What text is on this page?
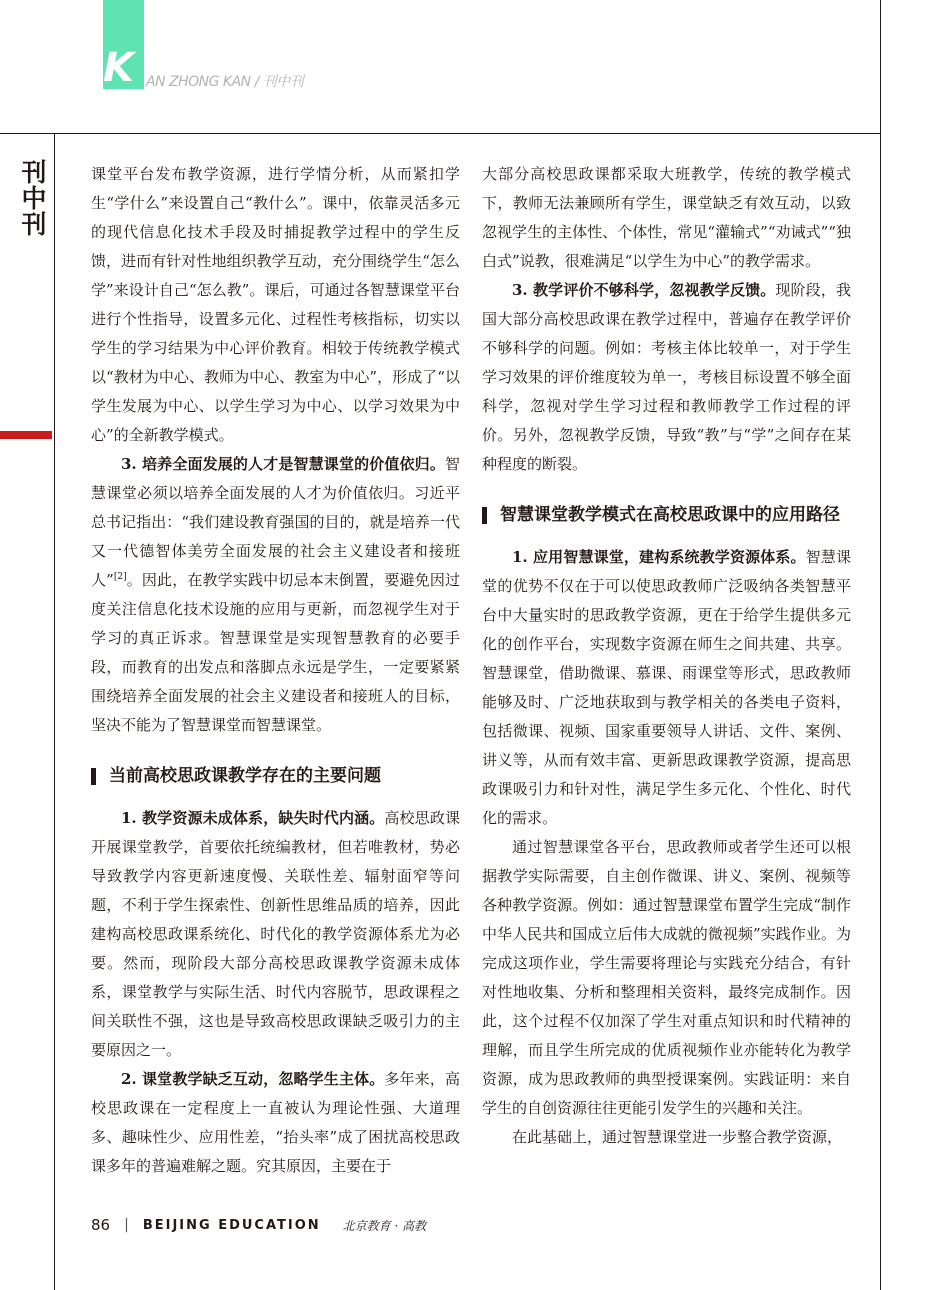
K AN ZHONG KAN / 刊中刊
刊
中
刊

课堂平台发布教学资源，进行学情分析，从而紧扣学生“学什么”来设置自己“教什么”。课中，依靠灵活多元的现代信息化技术手段及时捕捉教学过程中的学生反馈，进而有针对性地组织教学互动，充分围绕学生“怎么学”来设计自己“怎么教”。课后，可通过各智慧课堂平台进行个性指导，设置多元化、过程性考核指标，切实以学生的学习结果为中心评价教育。相较于传统教学模式以“教材为中心、教师为中心、教室为中心”，形成了“以学生发展为中心、以学生学习为中心、以学习效果为中心”的全新教学模式。

3. 培养全面发展的人才是智慧课堂的价值依归。智慧课堂必须以培养全面发展的人才为价值依归。习近平总书记指出：“我们建设教育强国的目的，就是培养一代又一代德智体美劳全面发展的社会主义建设者和接班人”[2]。因此，在教学实践中切忌本末倒置，要避免因过度关注信息化技术设施的应用与更新，而忽视学生对于学习的真正诉求。智慧课堂是实现智慧教育的必要手段，而教育的出发点和落脚点永远是学生，一定要紧紧围绕培养全面发展的社会主义建设者和接班人的目标，坚决不能为了智慧课堂而智慧课堂。

当前高校思政课教学存在的主要问题

1. 教学资源未成体系，缺失时代内涵。高校思政课开展课堂教学，首要依托统编教材，但若唯教材，势必导致教学内容更新速度慢、关联性差、辐射面窄等问题，不利于学生探索性、创新性思维品质的培养，因此建构高校思政课系统化、时代化的教学资源体系尤为必要。然而，现阶段大部分高校思政课教学资源未成体系，课堂教学与实际生活、时代内容脱节，思政课程之间关联性不强，这也是导致高校思政课缺乏吸引力的主要原因之一。

2. 课堂教学缺乏互动，忽略学生主体。多年来，高校思政课在一定程度上一直被认为理论性强、大道理多、趣味性少、应用性差，“抬头率”成了困扰高校思政课多年的普遍难解之题。究其原因，主要在于

大部分高校思政课都采取大班教学，传统的教学模式下，教师无法兼顾所有学生，课堂缺乏有效互动，以致忽视学生的主体性、个体性，常见“灌输式”“劝诫式”“独白式”说教，很难满足“以学生为中心”的教学需求。

3. 教学评价不够科学，忽视教学反馈。现阶段，我国大部分高校思政课在教学过程中，普遍存在教学评价不够科学的问题。例如：考核主体比较单一，对于学生学习效果的评价维度较为单一，考核目标设置不够全面科学，忽视对学生学习过程和教师教学工作过程的评价。另外，忽视教学反馈，导致“教”与“学”之间存在某种程度的断裂。

智慧课堂教学模式在高校思政课中的应用路径

1. 应用智慧课堂，建构系统教学资源体系。智慧课堂的优势不仅在于可以使思政教师广泛吸纳各类智慧平台中大量实时的思政教学资源，更在于给学生提供多元化的创作平台，实现数字资源在师生之间共建、共享。智慧课堂，借助微课、慕课、雨课堂等形式，思政教师能够及时、广泛地获取到与教学相关的各类电子资料，包括微课、视频、国家重要领导人讲话、文件、案例、讲义等，从而有效丰富、更新思政课教学资源，提高思政课吸引力和针对性，满足学生多元化、个性化、时代化的需求。

通过智慧课堂各平台，思政教师或者学生还可以根据教学实际需要，自主创作微课、讲义、案例、视频等各种教学资源。例如：通过智慧课堂布置学生完成“制作中华人民共和国成立后伟大成就的微视频”实践作业。为完成这项作业，学生需要将理论与实践充分结合，有针对性地收集、分析和整理相关资料，最终完成制作。因此，这个过程不仅加深了学生对重点知识和时代精神的理解，而且学生所完成的优质视频作业亦能转化为教学资源，成为思政教师的典型授课案例。实践证明：来自学生的自创资源往往更能引发学生的兴趣和关注。

在此基础上，通过智慧课堂进一步整合教学资源，

86 | BEIJING EDUCATION 北京教育 · 高教
